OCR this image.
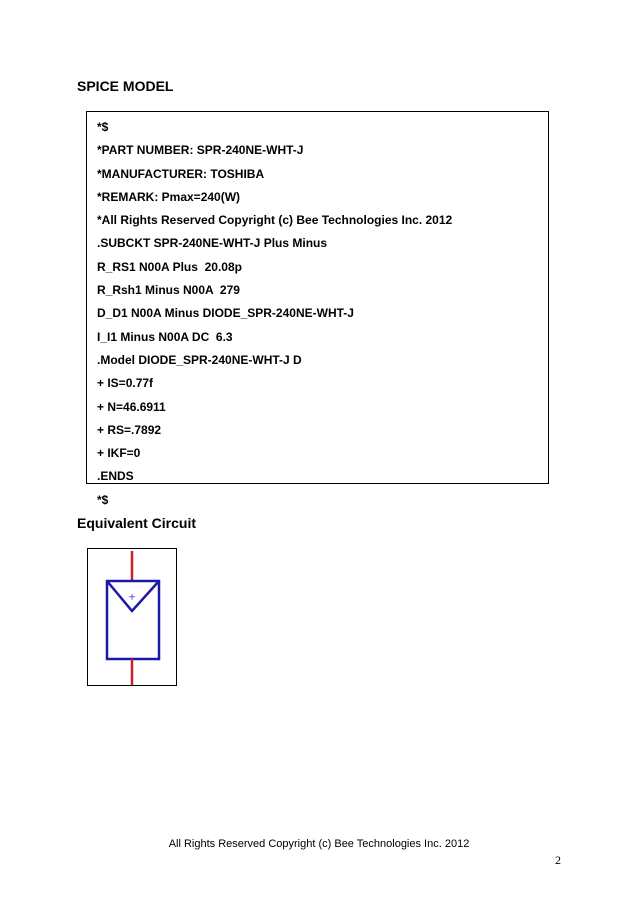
SPICE MODEL
*$
*PART NUMBER: SPR-240NE-WHT-J
*MANUFACTURER: TOSHIBA
*REMARK: Pmax=240(W)
*All Rights Reserved Copyright (c) Bee Technologies Inc. 2012
.SUBCKT SPR-240NE-WHT-J Plus Minus
R_RS1 N00A Plus  20.08p
R_Rsh1 Minus N00A  279
D_D1 N00A Minus DIODE_SPR-240NE-WHT-J
I_I1 Minus N00A DC  6.3
.Model DIODE_SPR-240NE-WHT-J D
+ IS=0.77f
+ N=46.6911
+ RS=.7892
+ IKF=0
.ENDS
*$
Equivalent Circuit
+
All Rights Reserved Copyright (c) Bee Technologies Inc. 2012
2
